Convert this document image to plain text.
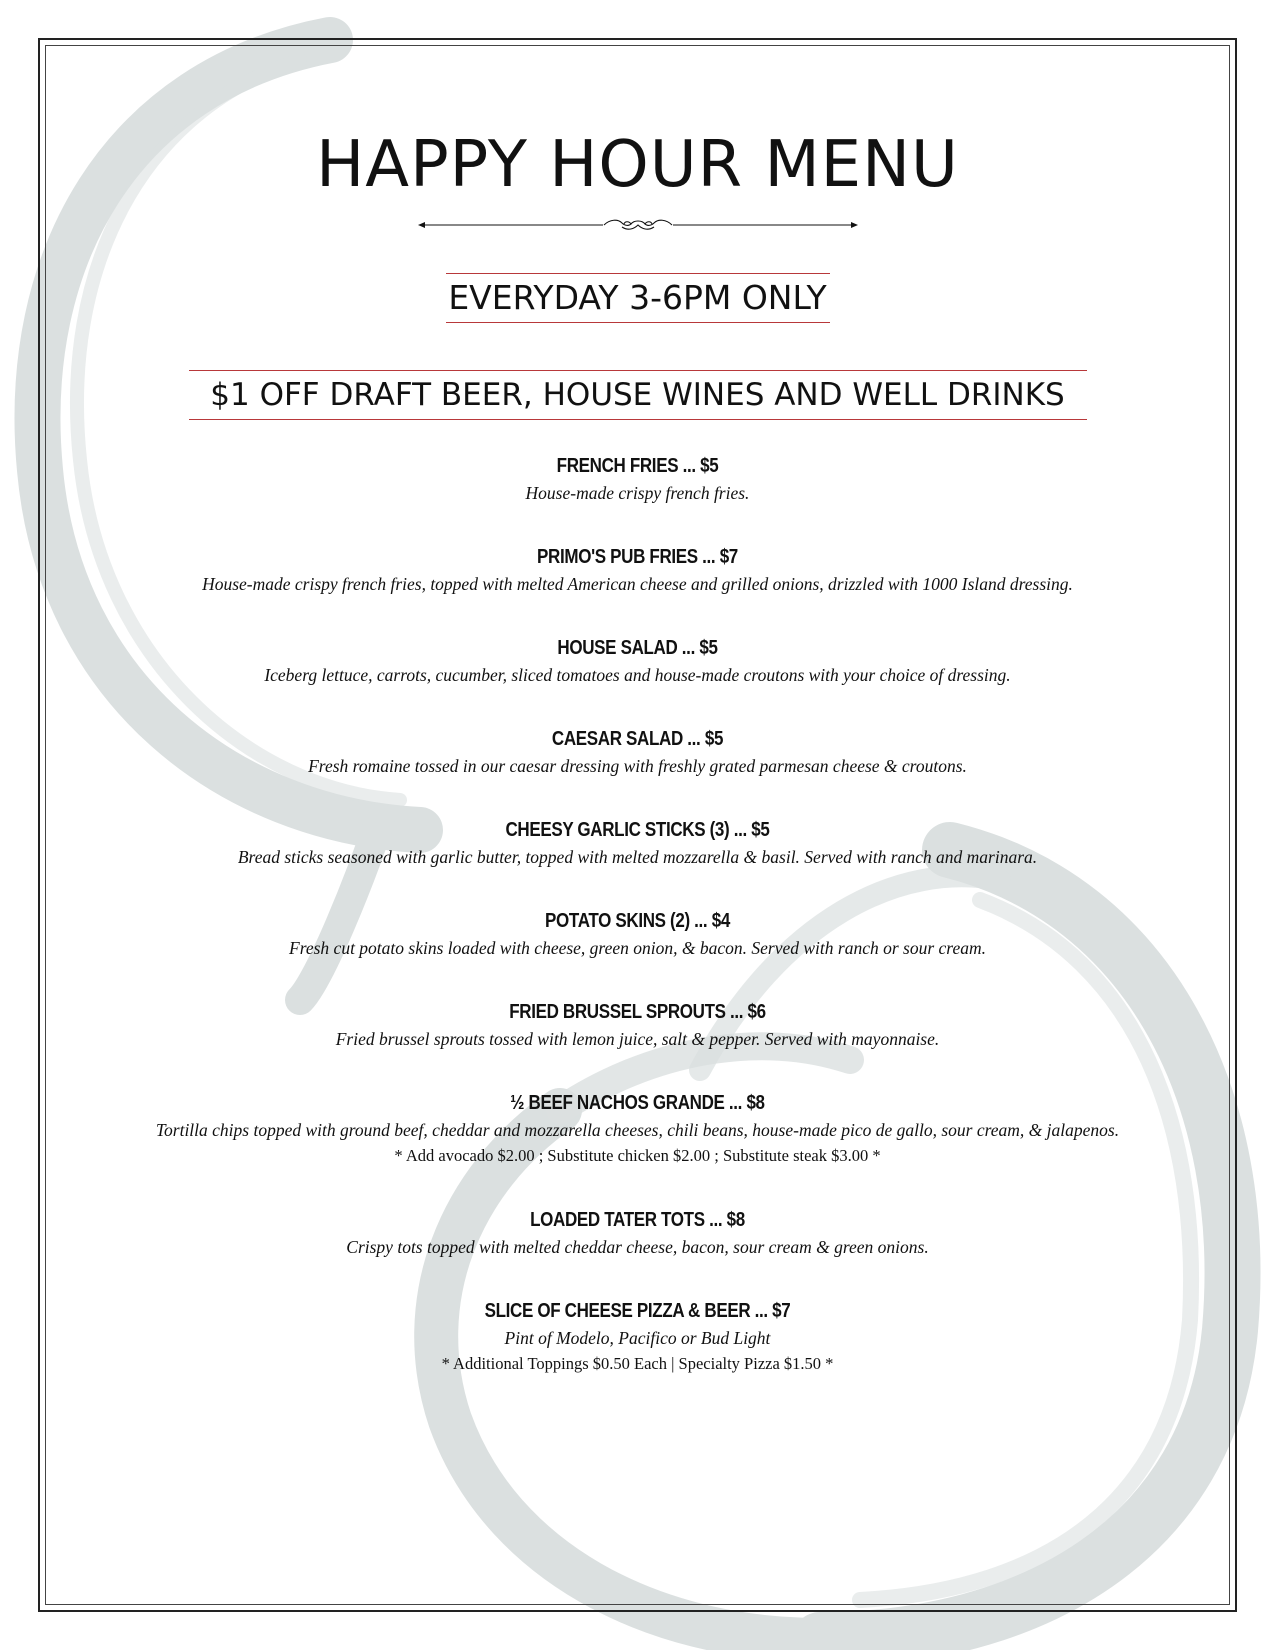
HAPPY HOUR MENU
EVERYDAY 3-6PM ONLY
$1 OFF DRAFT BEER, HOUSE WINES AND WELL DRINKS
FRENCH FRIES ... $5
House-made crispy french fries.
PRIMO'S PUB FRIES ... $7
House-made crispy french fries, topped with melted American cheese and grilled onions, drizzled with 1000 Island dressing.
HOUSE SALAD ... $5
Iceberg lettuce, carrots, cucumber, sliced tomatoes and house-made croutons with your choice of dressing.
CAESAR SALAD ... $5
Fresh romaine tossed in our caesar dressing with freshly grated parmesan cheese & croutons.
CHEESY GARLIC STICKS (3) ... $5
Bread sticks seasoned with garlic butter, topped with melted mozzarella & basil. Served with ranch and marinara.
POTATO SKINS (2) ... $4
Fresh cut potato skins loaded with cheese, green onion, & bacon. Served with ranch or sour cream.
FRIED BRUSSEL SPROUTS ... $6
Fried brussel sprouts tossed with lemon juice, salt & pepper. Served with mayonnaise.
½ BEEF NACHOS GRANDE ... $8
Tortilla chips topped with ground beef, cheddar and mozzarella cheeses, chili beans, house-made pico de gallo, sour cream, & jalapenos.
* Add avocado $2.00 ; Substitute chicken $2.00 ; Substitute steak $3.00 *
LOADED TATER TOTS ... $8
Crispy tots topped with melted cheddar cheese, bacon, sour cream & green onions.
SLICE OF CHEESE PIZZA & BEER ... $7
Pint of Modelo, Pacifico or Bud Light
* Additional Toppings $0.50 Each | Specialty Pizza $1.50 *
